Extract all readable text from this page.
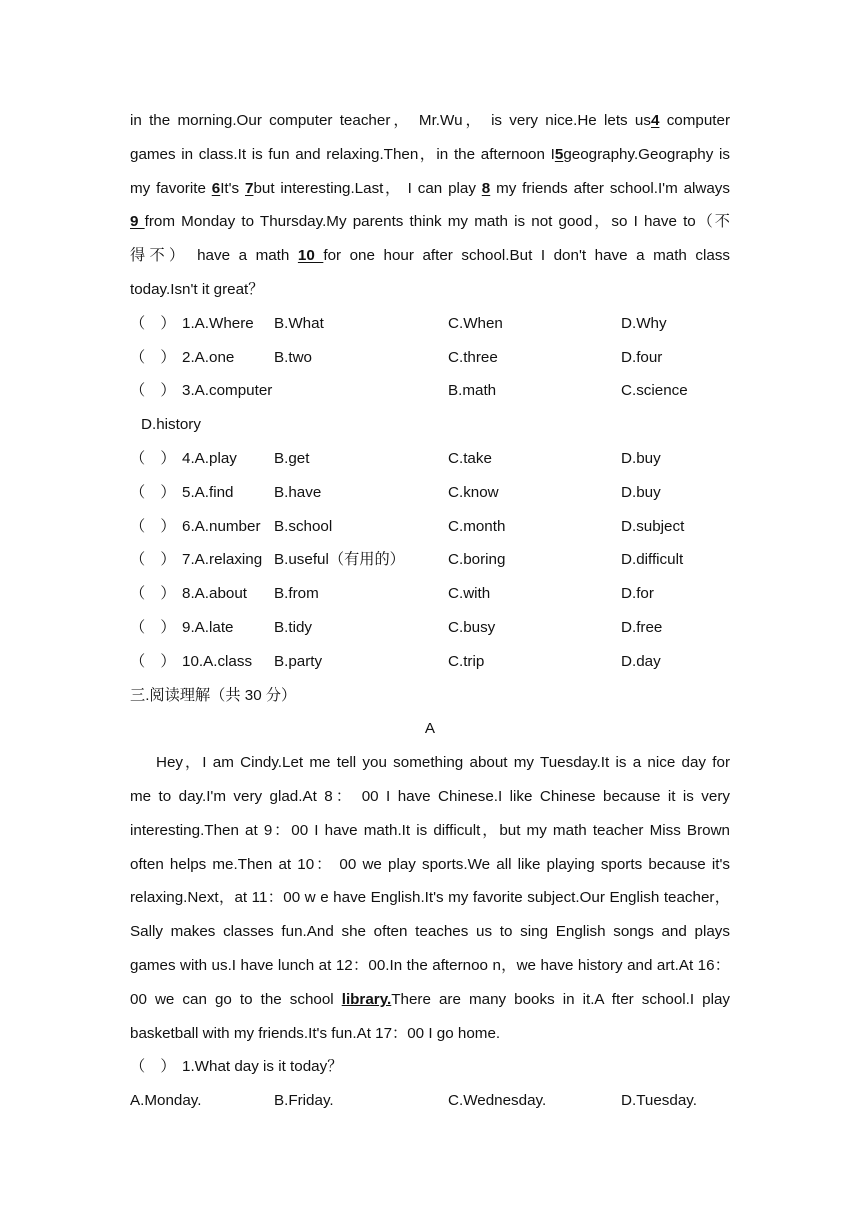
in the morning.Our computer teacher， Mr.Wu， is very nice.He lets us4 computer
games in class.It is fun and relaxing.Then，in the afternoon I5geography.Geography is
my favorite 6It's 7but interesting.Last， I can play 8 my friends after school.I'm always
9 from Monday to Thursday.My parents think my math is not good，so I have to（不
得不） have a math 10 for one hour after school.But I don't have a math class
today.Isn't it great？
（　） 1.A.Where B.What	C.When	D.Why
（　） 2.A.one	B.two	C.three	D.four
（　） 3.A.computer	B.math	C.science
D.history
（　） 4.A.play B.get	C.take	D.buy
（　） 5.A.find	B.have	C.know	D.buy
（　） 6.A.number B.school	C.month	D.subject
（　） 7.A.relaxing B.useful（有用的）	C.boring	D.difficult
（　） 8.A.about B.from	C.with	D.for
（　） 9.A.late	B.tidy	C.busy	D.free
（　） 10.A.class B.party	C.trip	D.day
三.阅读理解（共 30 分）
A
Hey，I am Cindy.Let me tell you something about my Tuesday.It is a nice day for
me to day.I'm very glad.At 8： 00 I have Chinese.I like Chinese because it is very
interesting.Then at 9：00 I have math.It is difficult，but my math teacher Miss Brown
often helps me.Then at 10： 00 we play sports.We all like playing sports because it's
relaxing.Next，at 11：00 w e have English.It's my favorite subject.Our English teacher，
Sally makes classes fun.And she often teaches us to sing English songs and plays
games with us.I have lunch at 12：00.In the afternoo n，we have history and art.At 16：
00 we can go to the school library.There are many books in it.A fter school.I play
basketball with my friends.It's fun.At 17：00 I go home.
（　） 1.What day is it today？
A.Monday.	B.Friday.	C.Wednesday.	D.Tuesday.
